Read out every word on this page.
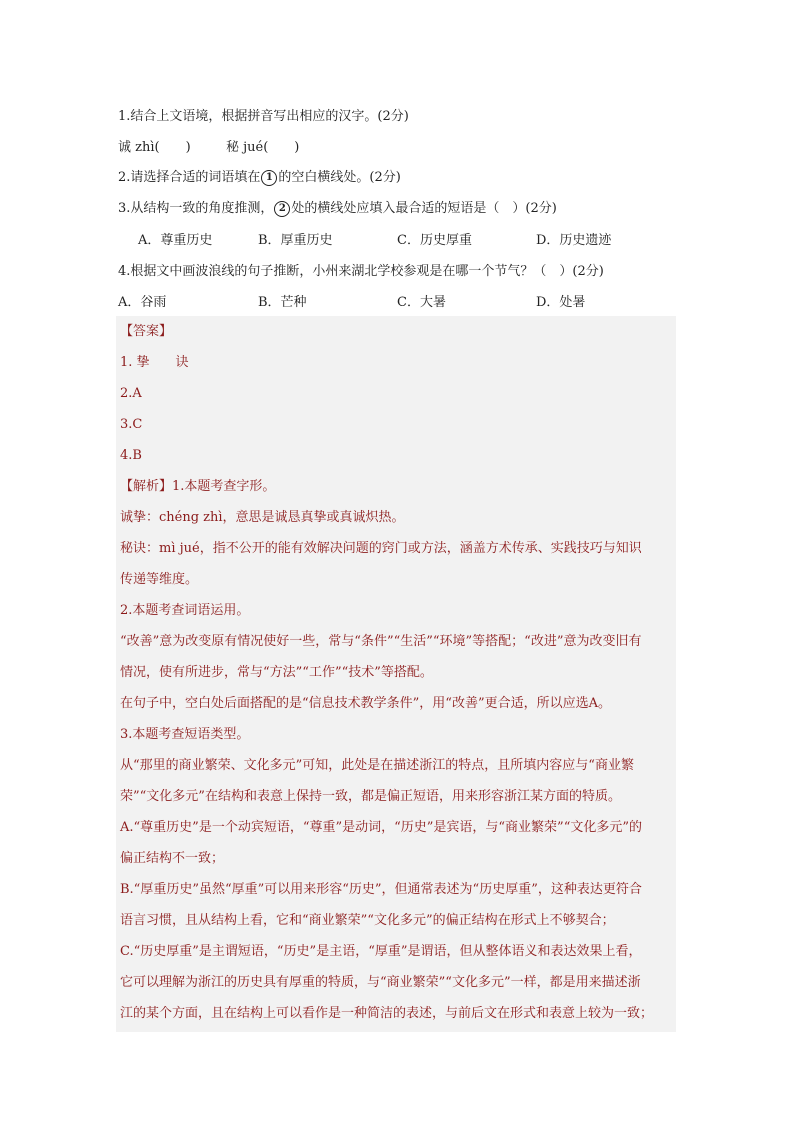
1.结合上文语境，根据拼音写出相应的汉字。(2分)
诚 zhì(　　)	秘 jué(　　)
2.请选择合适的词语填在 1 的空白横线处。(2分)
3.从结构一致的角度推测， 2 处的横线处应填入最合适的短语是（　）(2分)
A．尊重历史	B．厚重历史	C．历史厚重	D．历史遗迹
4.根据文中画波浪线的句子推断，小州来湖北学校参观是在哪一个节气？（　）(2分)
A．谷雨	B．芒种	C．大暑	D．处暑
【答案】
1. 挚　　诀
2.A
3.C
4.B
【解析】1.本题考查字形。
诚挚：chéng zhì，意思是诚恳真挚或真诚炽热。
秘诀：mì jué，指不公开的能有效解决问题的窍门或方法，涵盖方术传承、实践技巧与知识
传递等维度。
2.本题考查词语运用。
“改善”意为改变原有情况使好一些，常与“条件”“生活”“环境”等搭配；“改进”意为改变旧有
情况，使有所进步，常与“方法”“工作”“技术”等搭配。
在句子中，空白处后面搭配的是“信息技术教学条件”，用“改善”更合适，所以应选A。
3.本题考查短语类型。
从“那里的商业繁荣、文化多元”可知，此处是在描述浙江的特点，且所填内容应与“商业繁
荣”“文化多元”在结构和表意上保持一致，都是偏正短语，用来形容浙江某方面的特质。
A.“尊重历史”是一个动宾短语，“尊重”是动词，“历史”是宾语，与“商业繁荣”“文化多元”的
偏正结构不一致；
B.“厚重历史”虽然“厚重”可以用来形容“历史”，但通常表述为“历史厚重”，这种表达更符合
语言习惯，且从结构上看，它和“商业繁荣”“文化多元”的偏正结构在形式上不够契合；
C.“历史厚重”是主谓短语，“历史”是主语，“厚重”是谓语，但从整体语义和表达效果上看，
它可以理解为浙江的历史具有厚重的特质，与“商业繁荣”“文化多元”一样，都是用来描述浙
江的某个方面，且在结构上可以看作是一种简洁的表述，与前后文在形式和表意上较为一致；
